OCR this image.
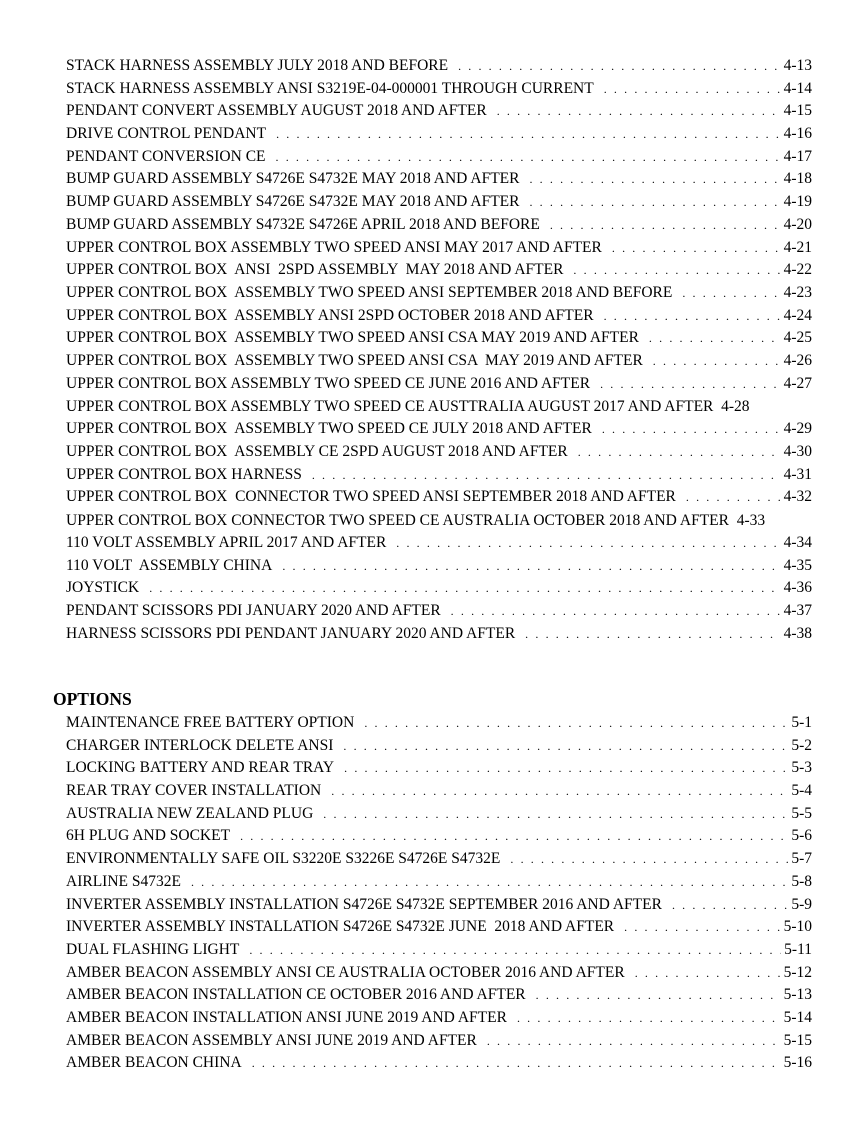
STACK HARNESS ASSEMBLY JULY 2018 AND BEFORE . . .	4-13
STACK HARNESS ASSEMBLY ANSI S3219E-04-000001 THROUGH CURRENT . . .	4-14
PENDANT CONVERT ASSEMBLY AUGUST 2018 AND AFTER . . .	4-15
DRIVE CONTROL PENDANT . . .	4-16
PENDANT CONVERSION CE . . .	4-17
BUMP GUARD ASSEMBLY S4726E S4732E MAY 2018 AND AFTER . . .	4-18
BUMP GUARD ASSEMBLY S4726E S4732E MAY 2018 AND AFTER . . .	4-19
BUMP GUARD ASSEMBLY S4732E S4726E APRIL 2018 AND BEFORE . . .	4-20
UPPER CONTROL BOX ASSEMBLY TWO SPEED ANSI MAY 2017 AND AFTER . . .	4-21
UPPER CONTROL BOX  ANSI  2SPD ASSEMBLY  MAY 2018 AND AFTER . . .	4-22
UPPER CONTROL BOX  ASSEMBLY TWO SPEED ANSI SEPTEMBER 2018 AND BEFORE . . .	4-23
UPPER CONTROL BOX  ASSEMBLY ANSI 2SPD OCTOBER 2018 AND AFTER . . .	4-24
UPPER CONTROL BOX  ASSEMBLY TWO SPEED ANSI CSA MAY 2019 AND AFTER . . .	4-25
UPPER CONTROL BOX  ASSEMBLY TWO SPEED ANSI CSA  MAY 2019 AND AFTER . . .	4-26
UPPER CONTROL BOX ASSEMBLY TWO SPEED CE JUNE 2016 AND AFTER . . .	4-27
UPPER CONTROL BOX ASSEMBLY TWO SPEED CE AUSTTRALIA AUGUST 2017 AND AFTER 4-28
UPPER CONTROL BOX  ASSEMBLY TWO SPEED CE JULY 2018 AND AFTER . . .	4-29
UPPER CONTROL BOX  ASSEMBLY CE 2SPD AUGUST 2018 AND AFTER . . .	4-30
UPPER CONTROL BOX HARNESS . . .	4-31
UPPER CONTROL BOX  CONNECTOR TWO SPEED ANSI SEPTEMBER 2018 AND AFTER . . .	4-32
UPPER CONTROL BOX CONNECTOR TWO SPEED CE AUSTRALIA OCTOBER 2018 AND AFTER 4-33
110 VOLT ASSEMBLY APRIL 2017 AND AFTER . . .	4-34
110 VOLT  ASSEMBLY CHINA . . .	4-35
JOYSTICK . . .	4-36
PENDANT SCISSORS PDI JANUARY 2020 AND AFTER . . .	4-37
HARNESS SCISSORS PDI PENDANT JANUARY 2020 AND AFTER . . .	4-38
OPTIONS
MAINTENANCE FREE BATTERY OPTION . . .	5-1
CHARGER INTERLOCK DELETE ANSI . . .	5-2
LOCKING BATTERY AND REAR TRAY . . .	5-3
REAR TRAY COVER INSTALLATION . . .	5-4
AUSTRALIA NEW ZEALAND PLUG . . .	5-5
6H PLUG AND SOCKET . . .	5-6
ENVIRONMENTALLY SAFE OIL S3220E S3226E S4726E S4732E . . .	5-7
AIRLINE S4732E . . .	5-8
INVERTER ASSEMBLY INSTALLATION S4726E S4732E SEPTEMBER 2016 AND AFTER . . .	5-9
INVERTER ASSEMBLY INSTALLATION S4726E S4732E JUNE  2018 AND AFTER . . .	5-10
DUAL FLASHING LIGHT . . .	5-11
AMBER BEACON ASSEMBLY ANSI CE AUSTRALIA OCTOBER 2016 AND AFTER . . .	5-12
AMBER BEACON INSTALLATION CE OCTOBER 2016 AND AFTER . . .	5-13
AMBER BEACON INSTALLATION ANSI JUNE 2019 AND AFTER . . .	5-14
AMBER BEACON ASSEMBLY ANSI JUNE 2019 AND AFTER . . .	5-15
AMBER BEACON CHINA . . .	5-16
